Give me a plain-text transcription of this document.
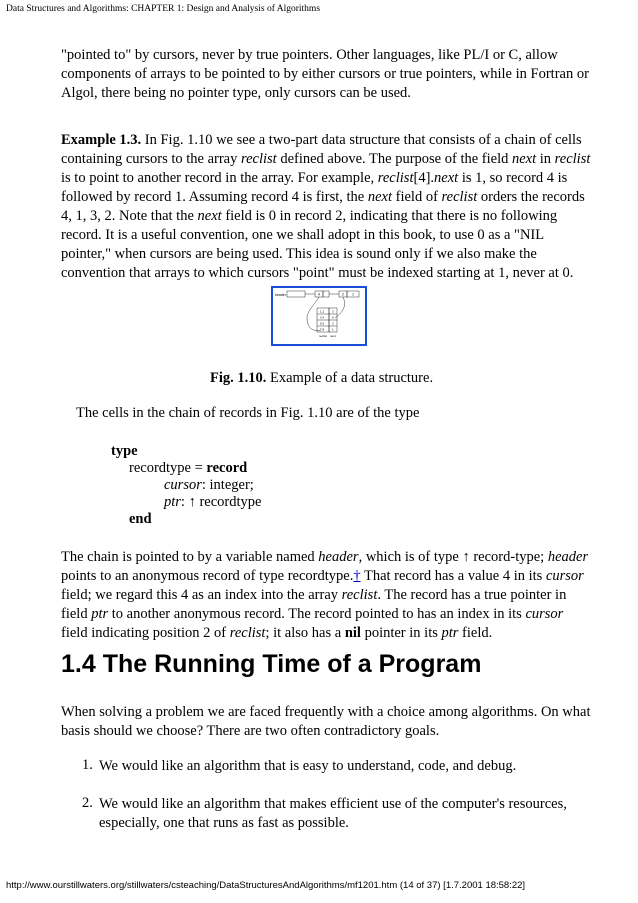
Data Structures and Algorithms: CHAPTER 1: Design and Analysis of Algorithms

"pointed to" by cursors, never by true pointers. Other languages, like PL/I or C, allow components of arrays to be pointed to by either cursors or true pointers, while in Fortran or Algol, there being no pointer type, only cursors can be used.

Example 1.3. In Fig. 1.10 we see a two-part data structure that consists of a chain of cells containing cursors to the array reclist defined above. The purpose of the field next in reclist is to point to another record in the array. For example, reclist[4].next is 1, so record 4 is followed by record 1. Assuming record 4 is first, the next field of reclist orders the records 4, 1, 3, 2. Note that the next field is 0 in record 2, indicating that there is no following record. It is a useful convention, one we shall adopt in this book, to use 0 as a "NIL pointer," when cursors are being used. This idea is sound only if we also make the convention that arrays to which cursors "point" must be indexed starting at 1, never at 0.

header	4	2 1
1.2	3
3.4	0
5.6	2
7.8	1
reclist next
Fig. 1.10. Example of a data structure.

The cells in the chain of records in Fig. 1.10 are of the type

type
recordtype = record
cursor: integer;
ptr: ↑ recordtype
end

The chain is pointed to by a variable named header, which is of type ↑ record-type; header points to an anonymous record of type recordtype.† That record has a value 4 in its cursor field; we regard this 4 as an index into the array reclist. The record has a true pointer in field ptr to another anonymous record. The record pointed to has an index in its cursor field indicating position 2 of reclist; it also has a nil pointer in its ptr field.

1.4 The Running Time of a Program

When solving a problem we are faced frequently with a choice among algorithms. On what basis should we choose? There are two often contradictory goals.

1. We would like an algorithm that is easy to understand, code, and debug.
2. We would like an algorithm that makes efficient use of the computer's resources, especially, one that runs as fast as possible.
http://www.ourstillwaters.org/stillwaters/csteaching/DataStructuresAndAlgorithms/mf1201.htm (14 of 37) [1.7.2001 18:58:22]
